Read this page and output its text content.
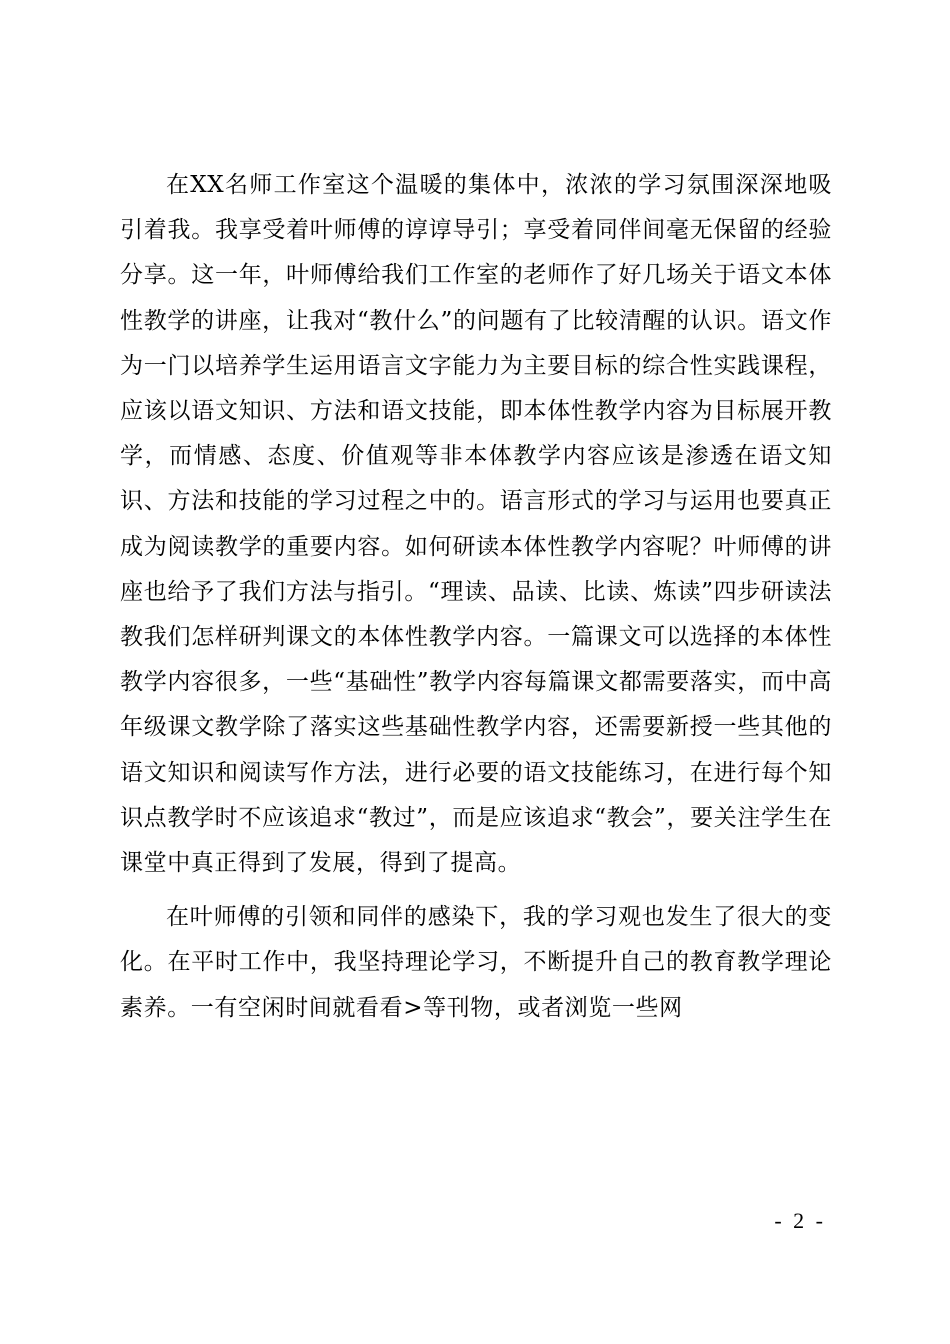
在XX名师工作室这个温暖的集体中，浓浓的学习氛围深深地吸引着我。我享受着叶师傅的谆谆导引；享受着同伴间毫无保留的经验分享。这一年，叶师傅给我们工作室的老师作了好几场关于语文本体性教学的讲座，让我对“教什么”的问题有了比较清醒的认识。语文作为一门以培养学生运用语言文字能力为主要目标的综合性实践课程，应该以语文知识、方法和语文技能，即本体性教学内容为目标展开教学，而情感、态度、价值观等非本体教学内容应该是渗透在语文知识、方法和技能的学习过程之中的。语言形式的学习与运用也要真正成为阅读教学的重要内容。如何研读本体性教学内容呢？叶师傅的讲座也给予了我们方法与指引。“理读、品读、比读、炼读”四步研读法教我们怎样研判课文的本体性教学内容。一篇课文可以选择的本体性教学内容很多，一些“基础性”教学内容每篇课文都需要落实，而中高年级课文教学除了落实这些基础性教学内容，还需要新授一些其他的语文知识和阅读写作方法，进行必要的语文技能练习，在进行每个知识点教学时不应该追求“教过”，而是应该追求“教会”，要关注学生在课堂中真正得到了发展，得到了提高。

在叶师傅的引领和同伴的感染下，我的学习观也发生了很大的变化。在平时工作中，我坚持理论学习，不断提升自己的教育教学理论素养。一有空闲时间就看看>等刊物，或者浏览一些网

- 2 -
